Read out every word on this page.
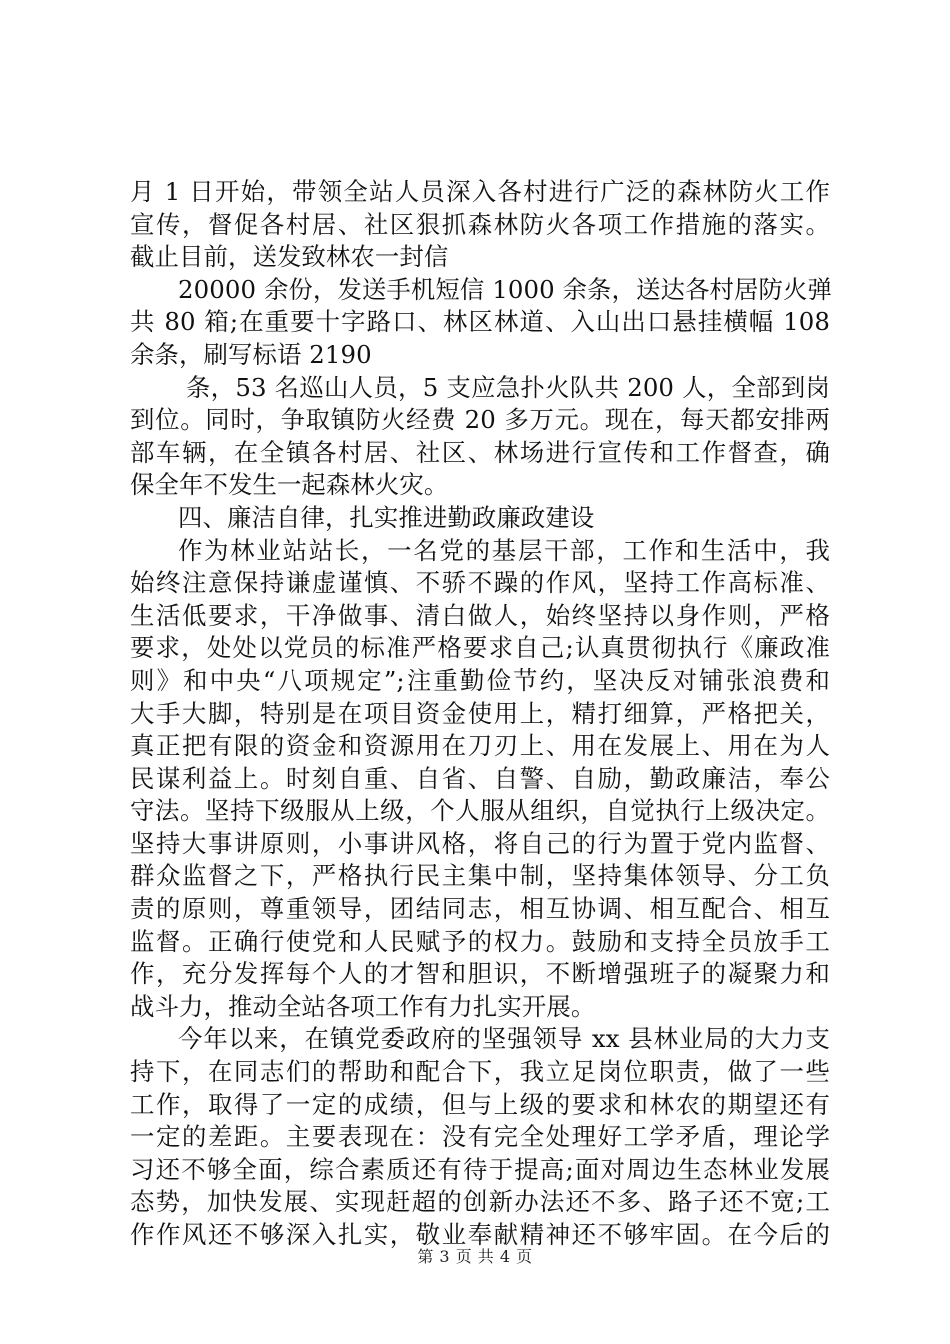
月 1 日开始，带领全站人员深入各村进行广泛的森林防火工作
宣传，督促各村居、社区狠抓森林防火各项工作措施的落实。
截止目前，送发致林农一封信
20000 余份，发送手机短信 1000 余条，送达各村居防火弹
共 80 箱;在重要十字路口、林区林道、入山出口悬挂横幅 108
余条，刷写标语 2190
条，53 名巡山人员，5 支应急扑火队共 200 人，全部到岗
到位。同时，争取镇防火经费 20 多万元。现在，每天都安排两
部车辆，在全镇各村居、社区、林场进行宣传和工作督查，确
保全年不发生一起森林火灾。
四、廉洁自律，扎实推进勤政廉政建设
作为林业站站长，一名党的基层干部，工作和生活中，我
始终注意保持谦虚谨慎、不骄不躁的作风，坚持工作高标准、
生活低要求，干净做事、清白做人，始终坚持以身作则，严格
要求，处处以党员的标准严格要求自己;认真贯彻执行《廉政准
则》和中央“八项规定”;注重勤俭节约，坚决反对铺张浪费和
大手大脚，特别是在项目资金使用上，精打细算，严格把关，
真正把有限的资金和资源用在刀刃上、用在发展上、用在为人
民谋利益上。时刻自重、自省、自警、自励，勤政廉洁，奉公
守法。坚持下级服从上级，个人服从组织，自觉执行上级决定。
坚持大事讲原则，小事讲风格，将自己的行为置于党内监督、
群众监督之下，严格执行民主集中制，坚持集体领导、分工负
责的原则，尊重领导，团结同志，相互协调、相互配合、相互
监督。正确行使党和人民赋予的权力。鼓励和支持全员放手工
作，充分发挥每个人的才智和胆识，不断增强班子的凝聚力和
战斗力，推动全站各项工作有力扎实开展。
今年以来，在镇党委政府的坚强领导 xx 县林业局的大力支
持下，在同志们的帮助和配合下，我立足岗位职责，做了一些
工作，取得了一定的成绩，但与上级的要求和林农的期望还有
一定的差距。主要表现在：没有完全处理好工学矛盾，理论学
习还不够全面，综合素质还有待于提高;面对周边生态林业发展
态势，加快发展、实现赶超的创新办法还不多、路子还不宽;工
作作风还不够深入扎实，敬业奉献精神还不够牢固。在今后的
第 3 页 共 4 页
